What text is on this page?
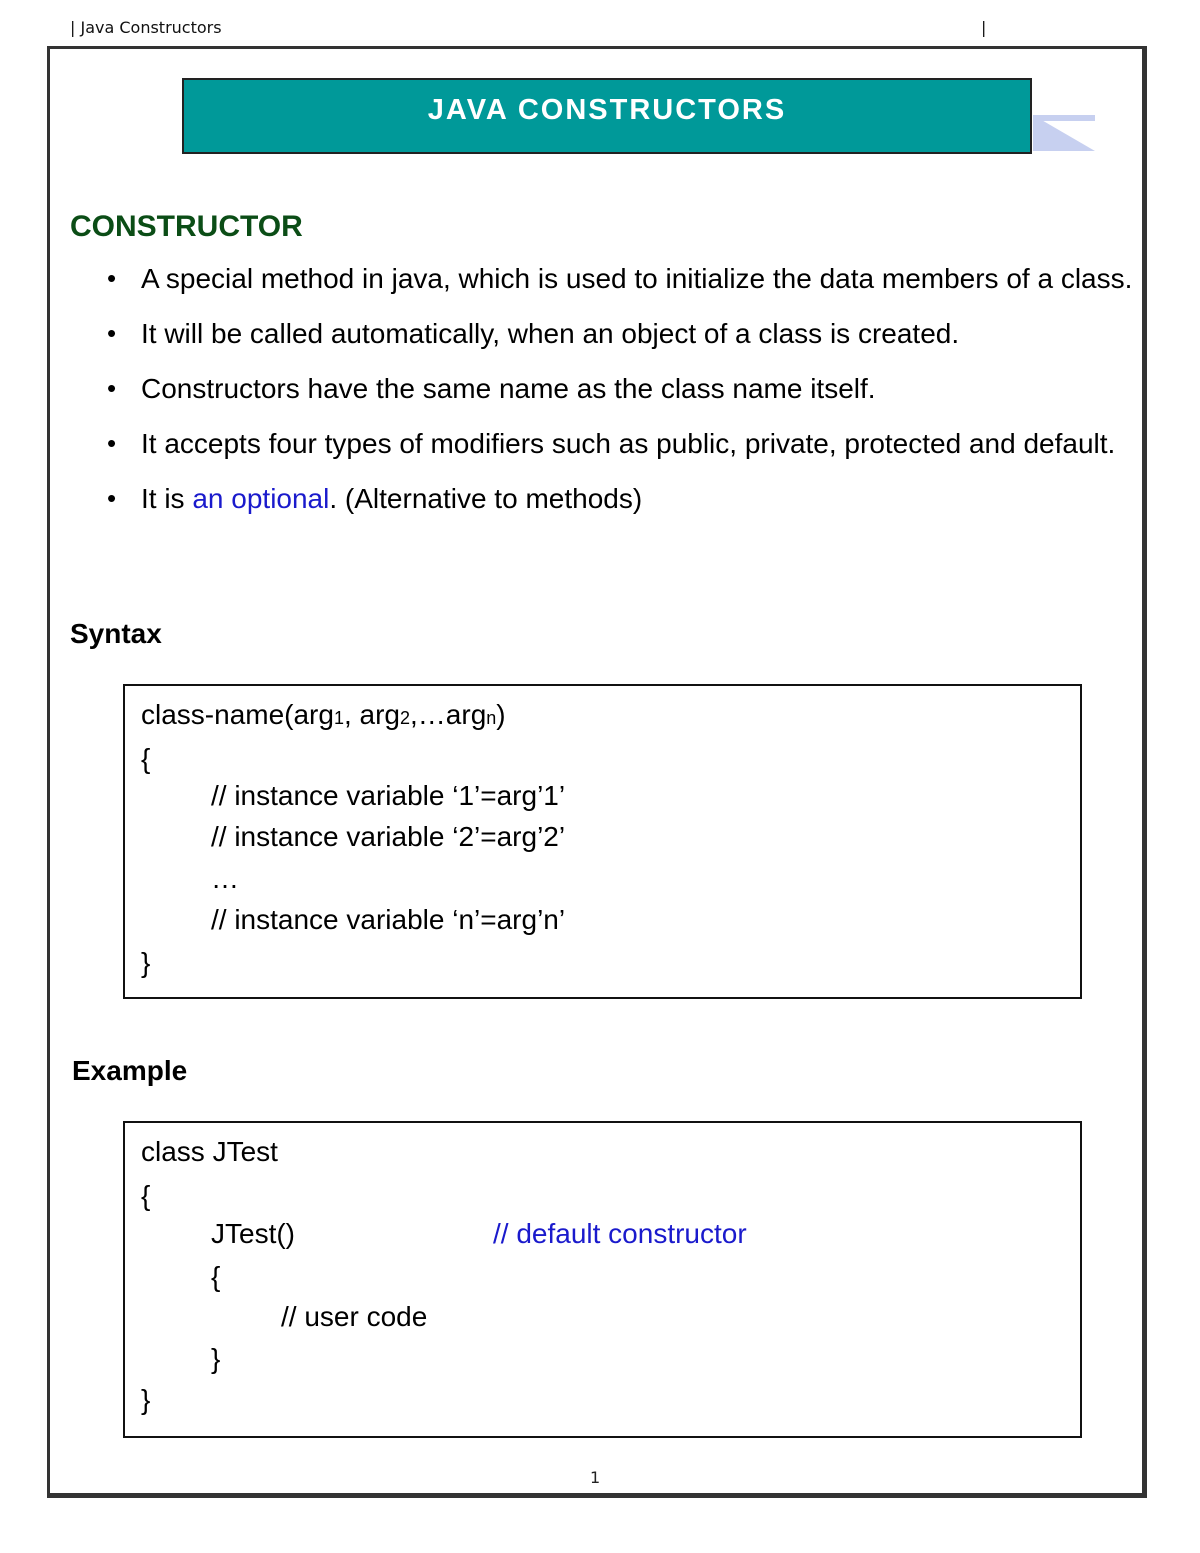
| Java Constructors	|
JAVA CONSTRUCTORS
CONSTRUCTOR
• A special method in java, which is used to initialize the data members of a class.
• It will be called automatically, when an object of a class is created.
• Constructors have the same name as the class name itself.
• It accepts four types of modifiers such as public, private, protected and default.
• It is an optional. (Alternative to methods)
Syntax
class-name(arg1, arg2,…argn)
{
// instance variable ‘1’=arg’1’
// instance variable ‘2’=arg’2’
…
// instance variable ‘n’=arg’n’
}
Example
class JTest
{
JTest()	// default constructor
{
// user code
}
}
1
